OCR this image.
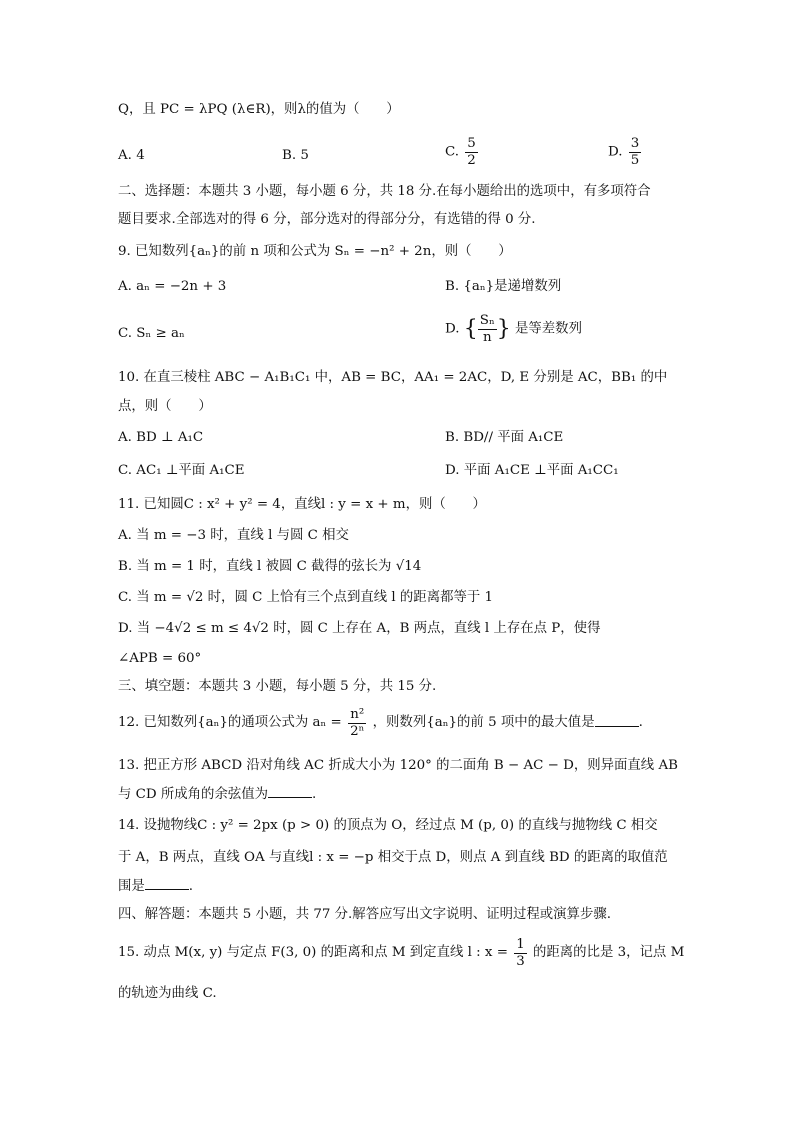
Q，且 PC = λPQ (λ∈R)，则λ的值为（　　）
A. 4	B. 5	C. $\frac{5}{2}$	D. $\frac{3}{5}$
二、选择题：本题共 3 小题，每小题 6 分，共 18 分.在每小题给出的选项中，有多项符合
题目要求.全部选对的得 6 分，部分选对的得部分分，有选错的得 0 分.
9. 已知数列{aₙ}的前 n 项和公式为 Sₙ = −n² + 2n，则（　　）
A. aₙ = −2n + 3	B. {aₙ}是递增数列
C. Sₙ ≥ aₙ	D. { $\frac{\text{Sₙ}}{n}$ } 是等差数列
10. 在直三棱柱 ABC − A₁B₁C₁ 中，AB = BC，AA₁ = 2AC，D, E 分别是 AC，BB₁ 的中
点，则（　　）
A. BD ⊥ A₁C	B. BD// 平面 A₁CE
C. AC₁ ⊥平面 A₁CE	D. 平面 A₁CE ⊥平面 A₁CC₁
11. 已知圆C : x² + y² = 4，直线l : y = x + m，则（　　）
A. 当 m = −3 时，直线 l 与圆 C 相交
B. 当 m = 1 时，直线 l 被圆 C 截得的弦长为 √14
C. 当 m = √2 时，圆 C 上恰有三个点到直线 l 的距离都等于 1
D. 当 −4√2 ≤ m ≤ 4√2 时，圆 C 上存在 A，B 两点，直线 l 上存在点 P，使得
∠APB = 60°
三、填空题：本题共 3 小题，每小题 5 分，共 15 分.
12. 已知数列{aₙ}的通项公式为 $a_n = \frac{\text{n²}}{\text{2ⁿ}}$ ，则数列{aₙ}的前 5 项中的最大值是	.
13. 把正方形 ABCD 沿对角线 AC 折成大小为 120° 的二面角 B − AC − D，则异面直线 AB
与 CD 所成角的余弦值为	.
14. 设抛物线C : y² = 2px (p > 0) 的顶点为 O，经过点 M (p, 0) 的直线与抛物线 C 相交
于 A，B 两点，直线 OA 与直线l : x = −p 相交于点 D，则点 A 到直线 BD 的距离的取值范
围是	.
四、解答题：本题共 5 小题，共 77 分.解答应写出文字说明、证明过程或演算步骤.
15. 动点 M(x, y) 与定点 F(3, 0) 的距离和点 M 到定直线 l : $x = \frac{1}{3}$ 的距离的比是 3，记点 M
的轨迹为曲线 C.
